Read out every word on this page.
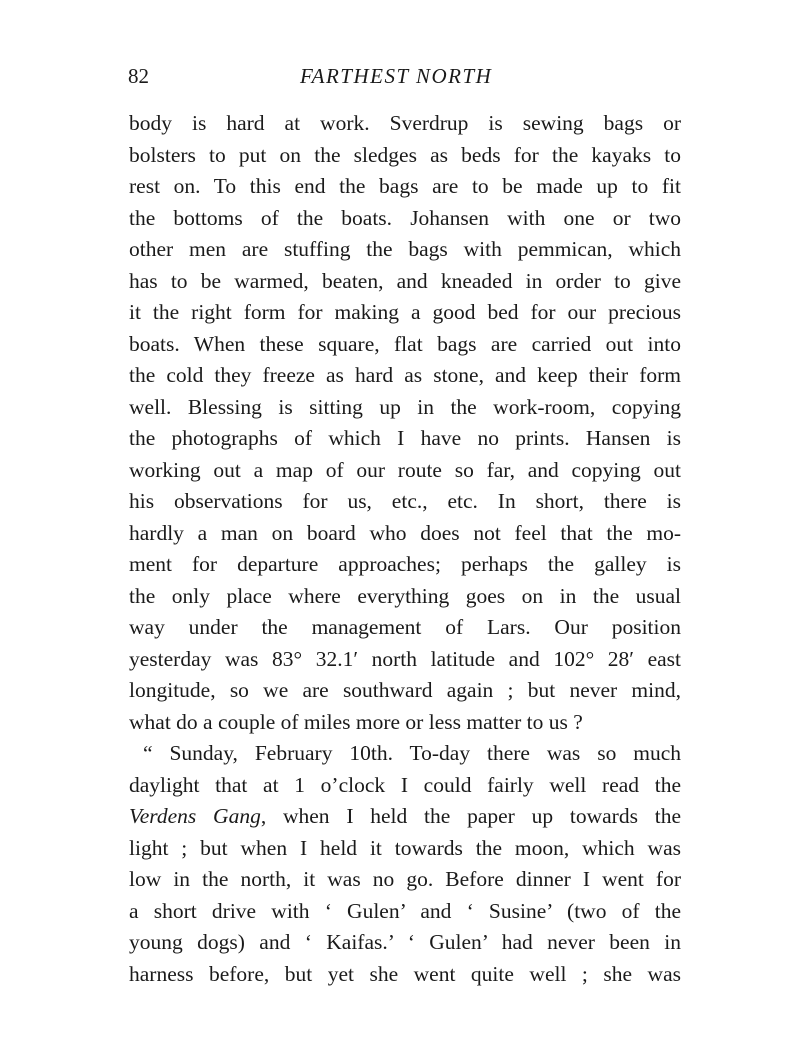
82	FARTHEST NORTH
body is hard at work. Sverdrup is sewing bags or
bolsters to put on the sledges as beds for the kayaks to
rest on. To this end the bags are to be made up to fit
the bottoms of the boats. Johansen with one or two
other men are stuffing the bags with pemmican, which
has to be warmed, beaten, and kneaded in order to give
it the right form for making a good bed for our precious
boats. When these square, flat bags are carried out into
the cold they freeze as hard as stone, and keep their form
well. Blessing is sitting up in the work-room, copying
the photographs of which I have no prints. Hansen is
working out a map of our route so far, and copying out
his observations for us, etc., etc. In short, there is
hardly a man on board who does not feel that the mo-
ment for departure approaches; perhaps the galley is
the only place where everything goes on in the usual
way under the management of Lars. Our position
yesterday was 83° 32.1′ north latitude and 102° 28′ east
longitude, so we are southward again ; but never mind,
what do a couple of miles more or less matter to us ?
“ Sunday, February 10th. To-day there was so much
daylight that at 1 o’clock I could fairly well read the
Verdens Gang, when I held the paper up towards the
light ; but when I held it towards the moon, which was
low in the north, it was no go. Before dinner I went for
a short drive with ‘ Gulen’ and ‘ Susine’ (two of the
young dogs) and ‘ Kaifas.’ ‘ Gulen’ had never been in
harness before, but yet she went quite well ; she was
